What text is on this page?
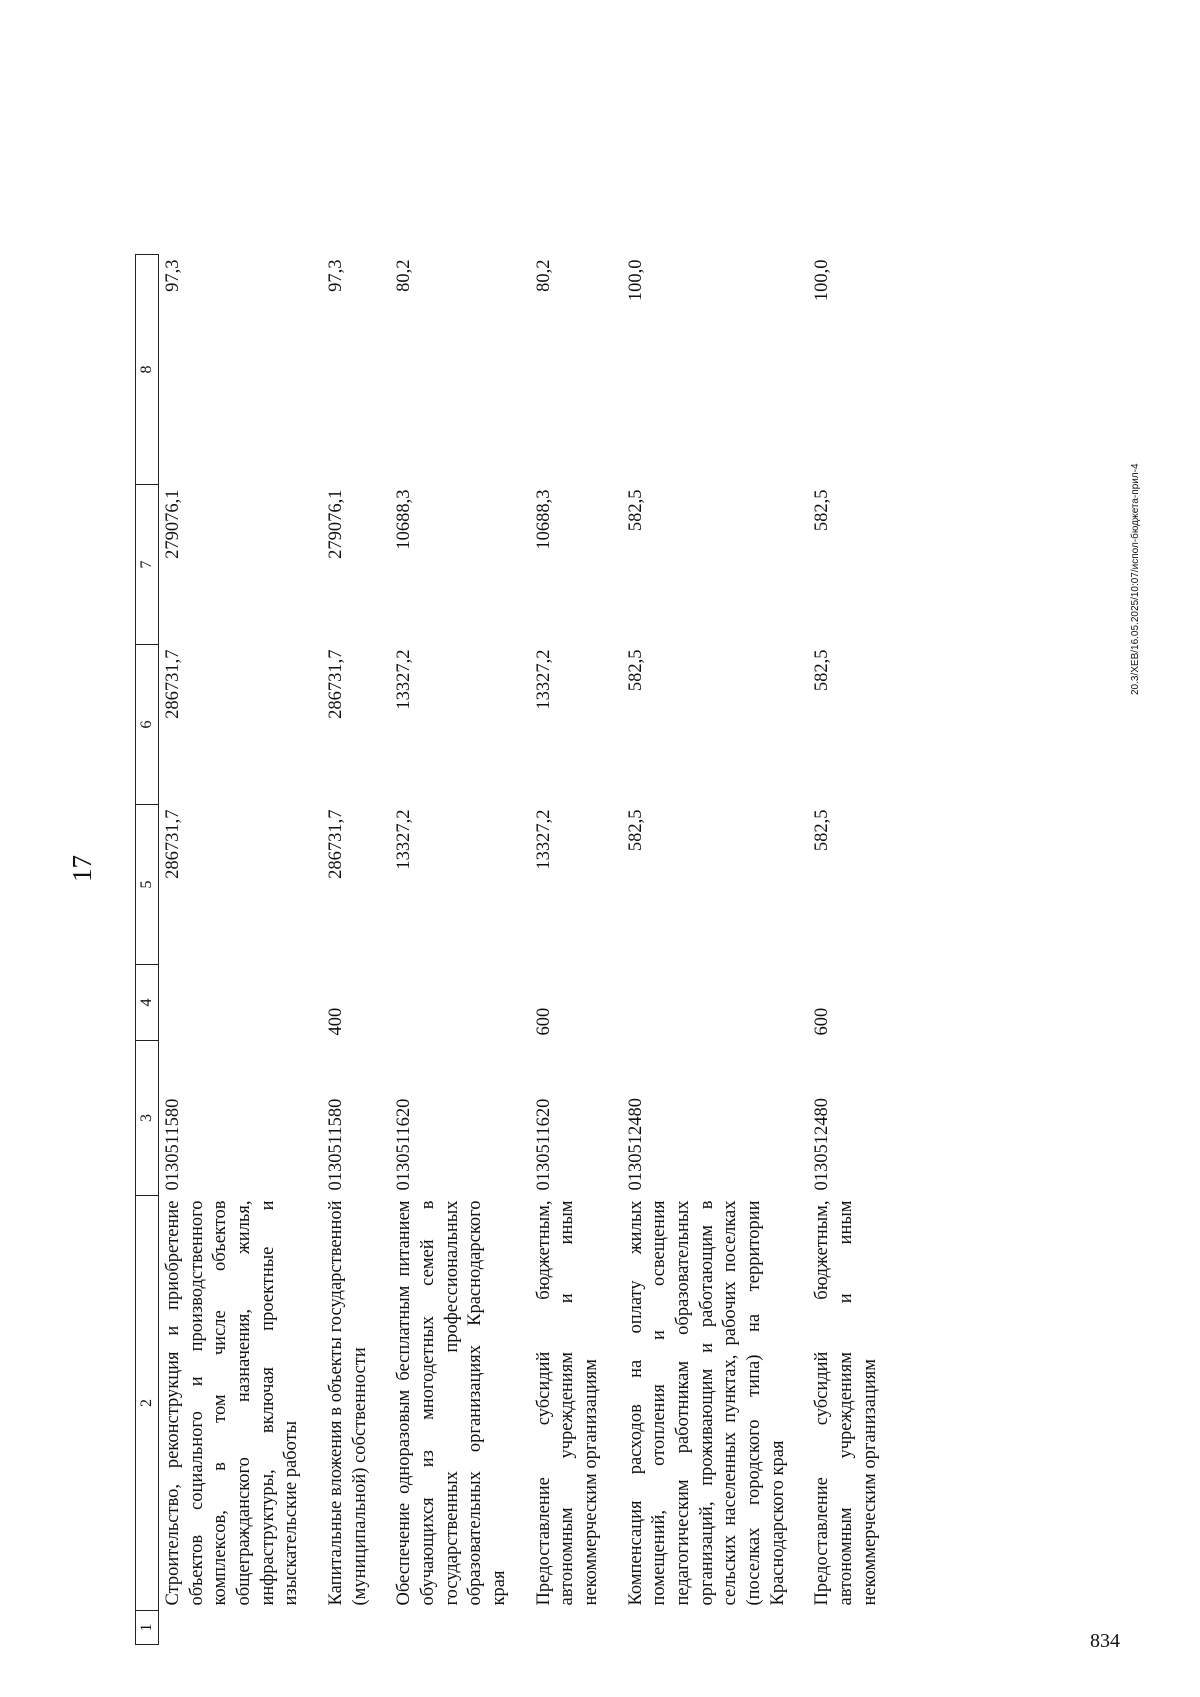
834
17
1	2	3	4	5	6	7	8
	Строительство, реконструкция и приобретение объектов социального и производственного комплексов, в том числе объектов общегражданского назначения, жилья, инфраструктуры, включая проектные и изыскательские работы	0130511580		286731,7	286731,7	279076,1	97,3
	Капитальные вложения в объекты государственной (муниципальной) собственности	0130511580	400	286731,7	286731,7	279076,1	97,3
	Обеспечение одноразовым бесплатным питанием обучающихся из многодетных семей в государственных профессиональных образовательных организациях Краснодарского края	0130511620		13327,2	13327,2	10688,3	80,2
	Предоставление субсидий бюджетным, автономным учреждениям и иным некоммерческим организациям	0130511620	600	13327,2	13327,2	10688,3	80,2
	Компенсация расходов на оплату жилых помещений, отопления и освещения педагогическим работникам образовательных организаций, проживающим и работающим в сельских населенных пунктах, рабочих поселках (поселках городского типа) на территории Краснодарского края	0130512480		582,5	582,5	582,5	100,0
	Предоставление субсидий бюджетным, автономным учреждениям и иным некоммерческим организациям	0130512480	600	582,5	582,5	582,5	100,0
20.3/ХЕВ/16.05.2025/10:07/испол-бюджета-прил-4
